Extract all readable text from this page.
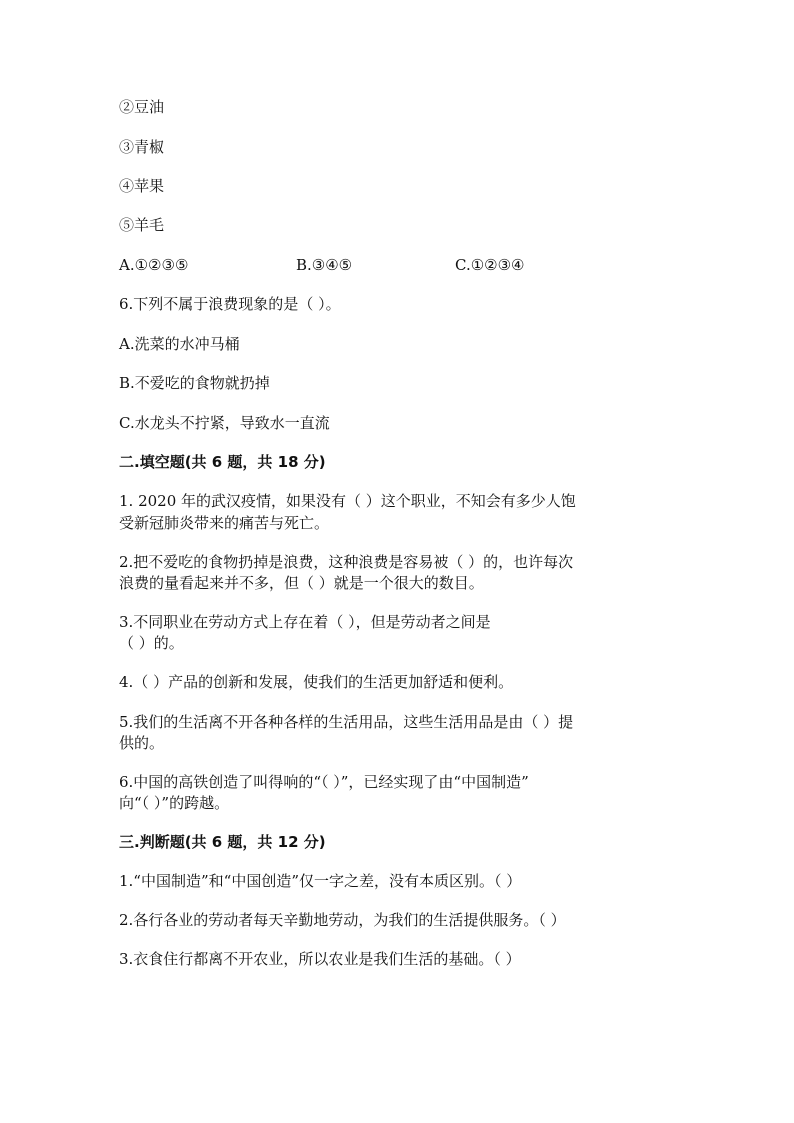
②豆油
③青椒
④苹果
⑤羊毛
A.①②③⑤	B.③④⑤	C.①②③④
6.下列不属于浪费现象的是（ ）。
A.洗菜的水冲马桶
B.不爱吃的食物就扔掉
C.水龙头不拧紧，导致水一直流
二.填空题(共 6 题，共 18 分)
1. 2020 年的武汉疫情，如果没有（ ）这个职业，不知会有多少人饱
受新冠肺炎带来的痛苦与死亡。
2.把不爱吃的食物扔掉是浪费，这种浪费是容易被（ ）的，也许每次
浪费的量看起来并不多，但（ ）就是一个很大的数目。
3.不同职业在劳动方式上存在着（ ），但是劳动者之间是
（ ）的。
4.（ ）产品的创新和发展，使我们的生活更加舒适和便利。
5.我们的生活离不开各种各样的生活用品，这些生活用品是由（ ）提
供的。
6.中国的高铁创造了叫得响的“（ ）”，已经实现了由“中国制造”
向“（ ）”的跨越。
三.判断题(共 6 题，共 12 分)
1.“中国制造”和“中国创造”仅一字之差，没有本质区别。（ ）
2.各行各业的劳动者每天辛勤地劳动，为我们的生活提供服务。（ ）
3.衣食住行都离不开农业，所以农业是我们生活的基础。（ ）
